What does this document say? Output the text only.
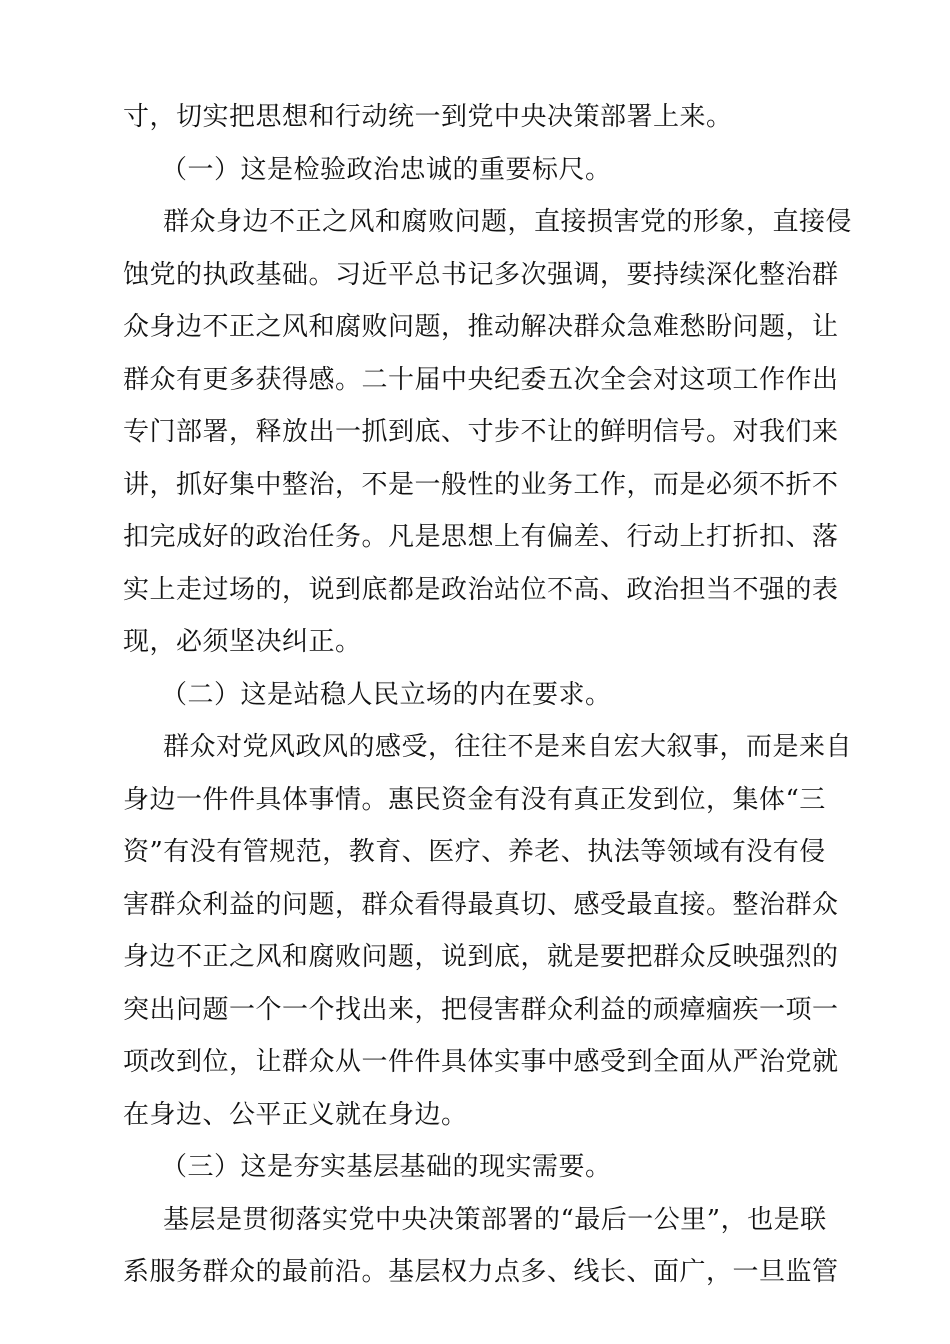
寸，切实把思想和行动统一到党中央决策部署上来。
（一）这是检验政治忠诚的重要标尺。
群众身边不正之风和腐败问题，直接损害党的形象，直接侵
蚀党的执政基础。习近平总书记多次强调，要持续深化整治群
众身边不正之风和腐败问题，推动解决群众急难愁盼问题，让
群众有更多获得感。二十届中央纪委五次全会对这项工作作出
专门部署，释放出一抓到底、寸步不让的鲜明信号。对我们来
讲，抓好集中整治，不是一般性的业务工作，而是必须不折不
扣完成好的政治任务。凡是思想上有偏差、行动上打折扣、落
实上走过场的，说到底都是政治站位不高、政治担当不强的表
现，必须坚决纠正。
（二）这是站稳人民立场的内在要求。
群众对党风政风的感受，往往不是来自宏大叙事，而是来自
身边一件件具体事情。惠民资金有没有真正发到位，集体“三
资”有没有管规范，教育、医疗、养老、执法等领域有没有侵
害群众利益的问题，群众看得最真切、感受最直接。整治群众
身边不正之风和腐败问题，说到底，就是要把群众反映强烈的
突出问题一个一个找出来，把侵害群众利益的顽瘴痼疾一项一
项改到位，让群众从一件件具体实事中感受到全面从严治党就
在身边、公平正义就在身边。
（三）这是夯实基层基础的现实需要。
基层是贯彻落实党中央决策部署的“最后一公里”，也是联
系服务群众的最前沿。基层权力点多、线长、面广，一旦监管
